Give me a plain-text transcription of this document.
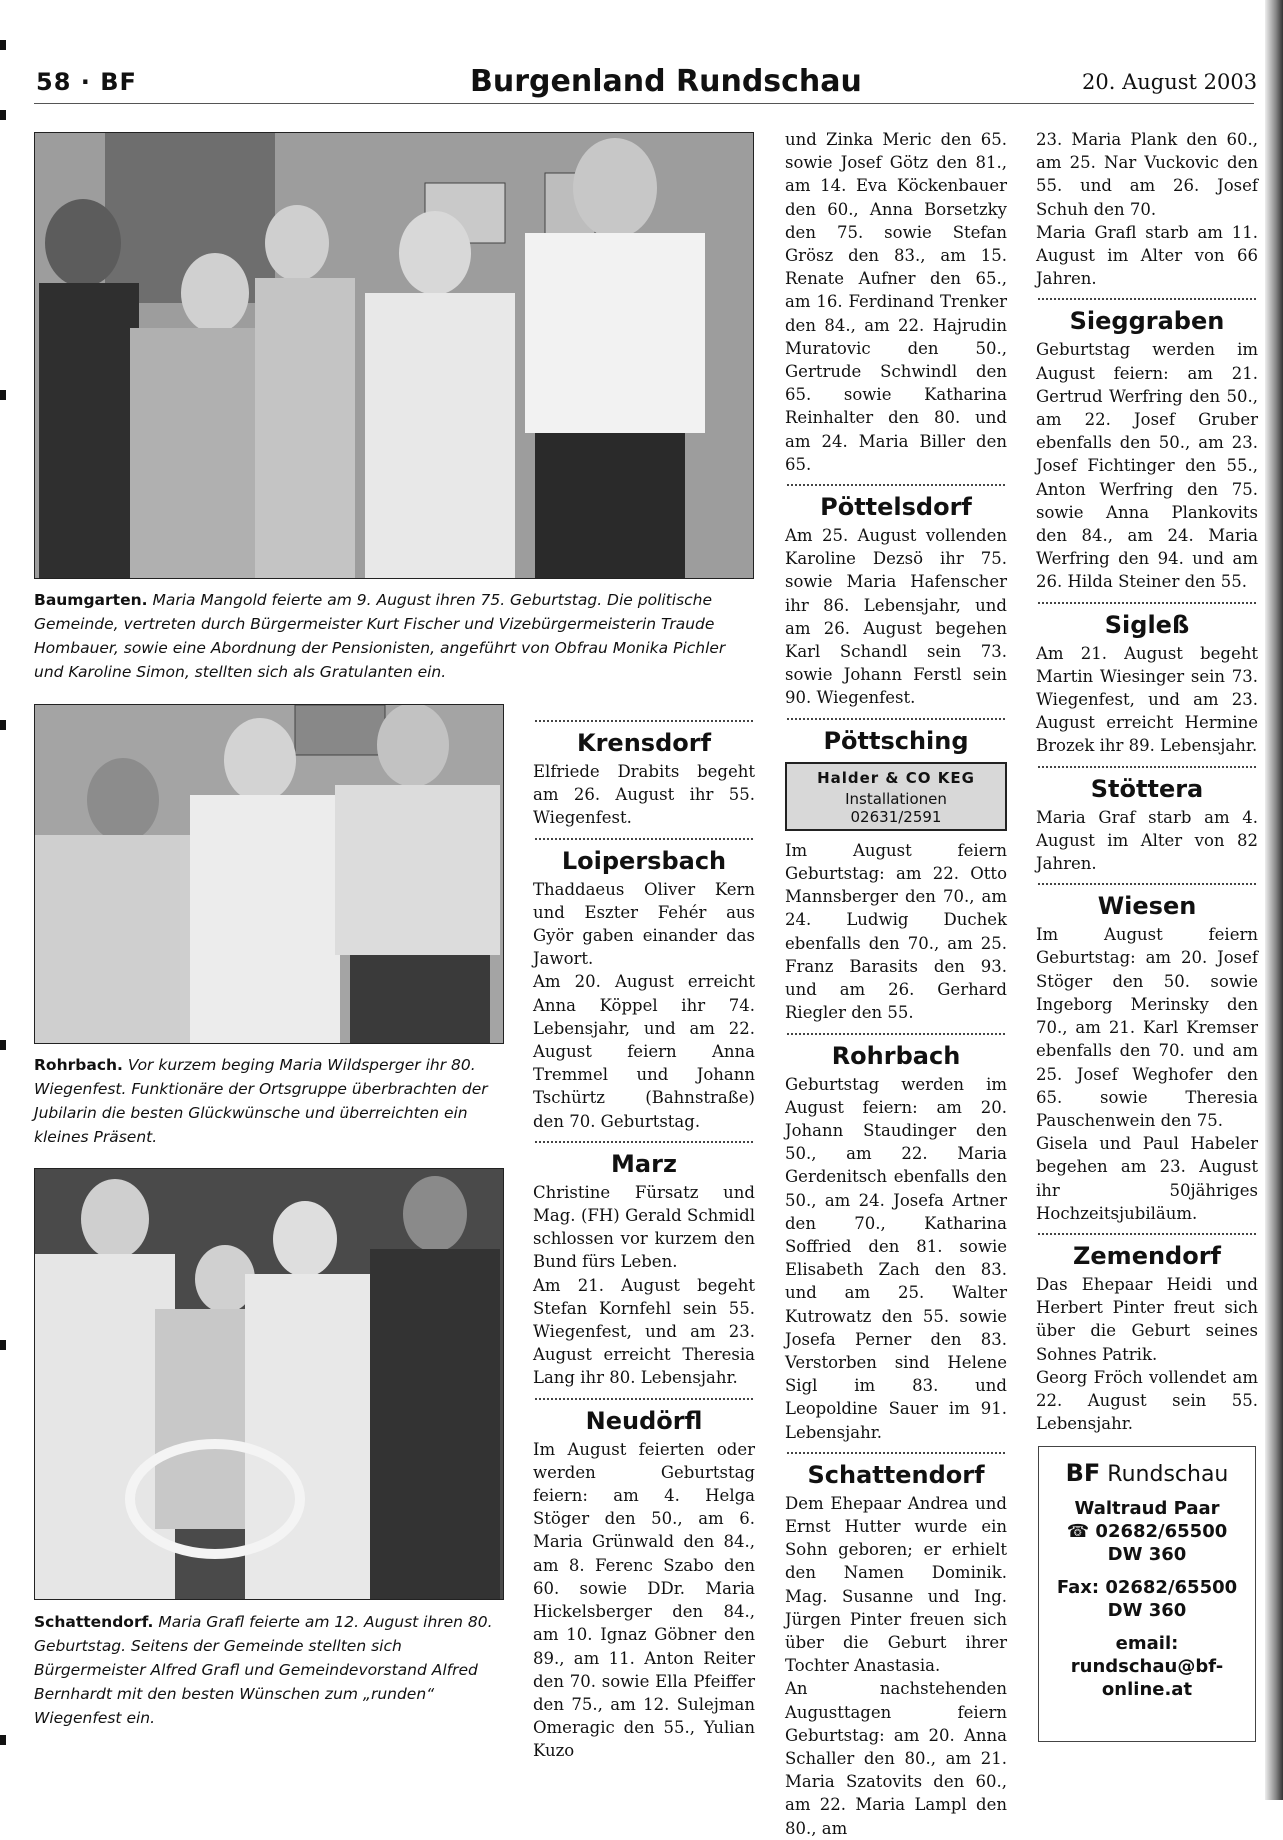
58 · BF	Burgenland Rundschau	20. August 2003
Baumgarten. Maria Mangold feierte am 9. August ihren 75. Geburtstag. Die politische Gemeinde, vertreten durch Bürgermeister Kurt Fischer und Vizebürgermeisterin Traude Hombauer, sowie eine Abordnung der Pensionisten, angeführt von Obfrau Monika Pichler und Karoline Simon, stellten sich als Gratulanten ein.
Rohrbach. Vor kurzem beging Maria Wildsperger ihr 80. Wiegenfest. Funktionäre der Ortsgruppe überbrachten der Jubilarin die besten Glückwünsche und überreichten ein kleines Präsent.
Schattendorf. Maria Grafl feierte am 12. August ihren 80. Geburtstag. Seitens der Gemeinde stellten sich Bürgermeister Alfred Grafl und Gemeindevorstand Alfred Bernhardt mit den besten Wünschen zum „runden“ Wiegenfest ein.
Krensdorf

Elfriede Drabits begeht am 26. August ihr 55. Wiegenfest.

Loipersbach

Thaddaeus Oliver Kern und Eszter Fehér aus Györ gaben einander das Jawort.

Am 20. August erreicht Anna Köppel ihr 74. Lebensjahr, und am 22. August feiern Anna Tremmel und Johann Tschürtz (Bahnstraße) den 70. Geburtstag.

Marz

Christine Fürsatz und Mag. (FH) Gerald Schmidl schlossen vor kurzem den Bund fürs Leben.

Am 21. August begeht Stefan Kornfehl sein 55. Wiegenfest, und am 23. August erreicht Theresia Lang ihr 80. Lebensjahr.

Neudörfl

Im August feierten oder werden Geburtstag feiern: am 4. Helga Stöger den 50., am 6. Maria Grünwald den 84., am 8. Ferenc Szabo den 60. sowie DDr. Maria Hickelsberger den 84., am 10. Ignaz Göbner den 89., am 11. Anton Reiter den 70. sowie Ella Pfeiffer den 75., am 12. Sulejman Omeragic den 55., Yulian Kuzo

und Zinka Meric den 65. sowie Josef Götz den 81., am 14. Eva Köckenbauer den 60., Anna Borsetzky den 75. sowie Stefan Grösz den 83., am 15. Renate Aufner den 65., am 16. Ferdinand Trenker den 84., am 22. Hajrudin Muratovic den 50., Gertrude Schwindl den 65. sowie Katharina Reinhalter den 80. und am 24. Maria Biller den 65.

Pöttelsdorf

Am 25. August vollenden Karoline Dezsö ihr 75. sowie Maria Hafenscher ihr 86. Lebensjahr, und am 26. August begehen Karl Schandl sein 73. sowie Johann Ferstl sein 90. Wiegenfest.

Pöttsching
Halder & CO KEG
Installationen
02631/2591

Im August feiern Geburtstag: am 22. Otto Mannsberger den 70., am 24. Ludwig Duchek ebenfalls den 70., am 25. Franz Barasits den 93. und am 26. Gerhard Riegler den 55.

Rohrbach

Geburtstag werden im August feiern: am 20. Johann Staudinger den 50., am 22. Maria Gerdenitsch ebenfalls den 50., am 24. Josefa Artner den 70., Katharina Soffried den 81. sowie Elisabeth Zach den 83. und am 25. Walter Kutrowatz den 55. sowie Josefa Perner den 83. Verstorben sind Helene Sigl im 83. und Leopoldine Sauer im 91. Lebensjahr.

Schattendorf

Dem Ehepaar Andrea und Ernst Hutter wurde ein Sohn geboren; er erhielt den Namen Dominik. Mag. Susanne und Ing. Jürgen Pinter freuen sich über die Geburt ihrer Tochter Anastasia.

An nachstehenden Augusttagen feiern Geburtstag: am 20. Anna Schaller den 80., am 21. Maria Szatovits den 60., am 22. Maria Lampl den 80., am

23. Maria Plank den 60., am 25. Nar Vuckovic den 55. und am 26. Josef Schuh den 70.

Maria Grafl starb am 11. August im Alter von 66 Jahren.

Sieggraben

Geburtstag werden im August feiern: am 21. Gertrud Werfring den 50., am 22. Josef Gruber ebenfalls den 50., am 23. Josef Fichtinger den 55., Anton Werfring den 75. sowie Anna Plankovits den 84., am 24. Maria Werfring den 94. und am 26. Hilda Steiner den 55.

Sigleß

Am 21. August begeht Martin Wiesinger sein 73. Wiegenfest, und am 23. August erreicht Hermine Brozek ihr 89. Lebensjahr.

Stöttera

Maria Graf starb am 4. August im Alter von 82 Jahren.

Wiesen

Im August feiern Geburtstag: am 20. Josef Stöger den 50. sowie Ingeborg Merinsky den 70., am 21. Karl Kremser ebenfalls den 70. und am 25. Josef Weghofer den 65. sowie Theresia Pauschenwein den 75.

Gisela und Paul Habeler begehen am 23. August ihr 50jähriges Hochzeitsjubiläum.

Zemendorf

Das Ehepaar Heidi und Herbert Pinter freut sich über die Geburt seines Sohnes Patrik.

Georg Fröch vollendet am 22. August sein 55. Lebensjahr.

BF Rundschau
Waltraud Paar
☎ 02682/65500
DW 360
Fax: 02682/65500
DW 360
email:
rundschau@bf-
online.at
